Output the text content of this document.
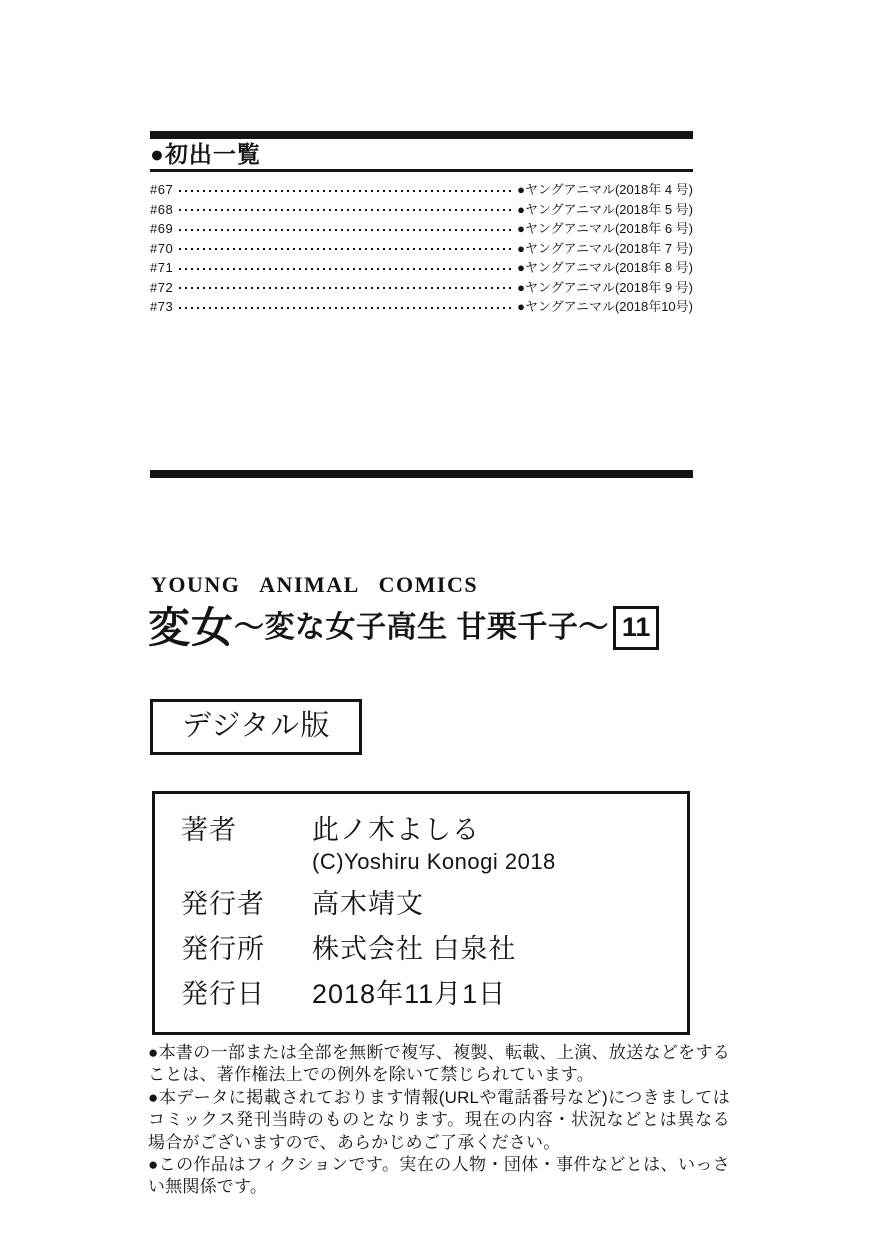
●初出一覧
#67	●ヤングアニマル(2018年 4 号)
#68	●ヤングアニマル(2018年 5 号)
#69	●ヤングアニマル(2018年 6 号)
#70	●ヤングアニマル(2018年 7 号)
#71	●ヤングアニマル(2018年 8 号)
#72	●ヤングアニマル(2018年 9 号)
#73	●ヤングアニマル(2018年10号)
YOUNG ANIMAL COMICS
変女 ～変な女子高生 甘栗千子～ 11
デジタル版
著者	此ノ木よしる
(C)Yoshiru Konogi 2018
発行者	高木靖文
発行所	株式会社 白泉社
発行日	2018年11月1日

●本書の一部または全部を無断で複写、複製、転載、上演、放送などをすることは、著作権法上での例外を除いて禁じられています。

●本データに掲載されております情報(URLや電話番号など)につきましてはコミックス発刊当時のものとなります。現在の内容・状況などとは異なる場合がございますので、あらかじめご了承ください。

●この作品はフィクションです。実在の人物・団体・事件などとは、いっさい無関係です。
